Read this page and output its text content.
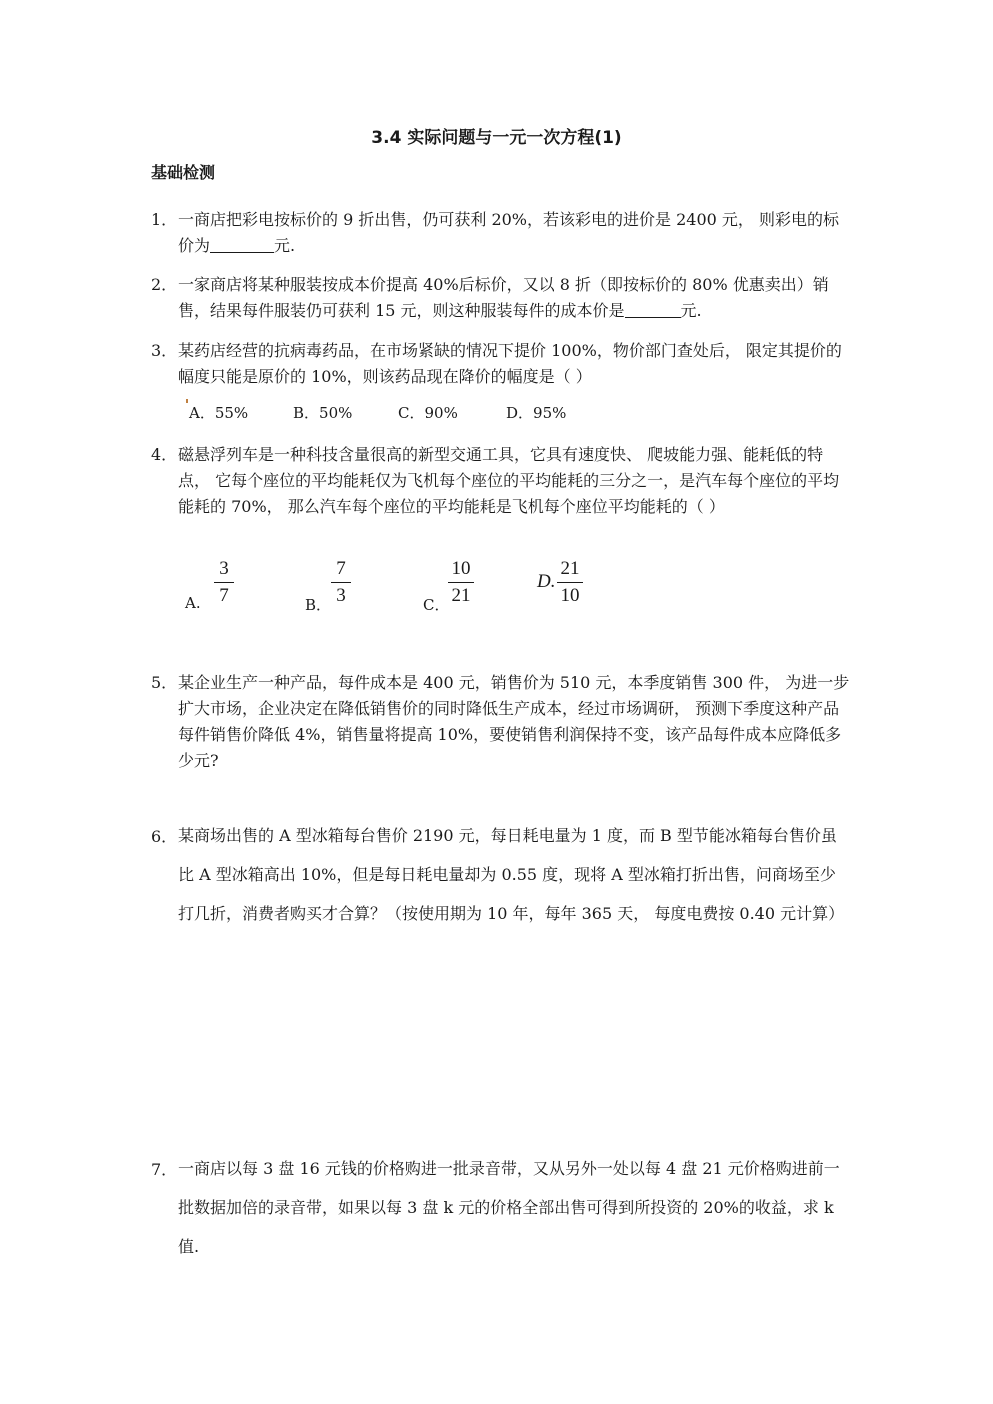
3.4 实际问题与一元一次方程(1)
基础检测
1． 一商店把彩电按标价的 9 折出售，仍可获利 20%，若该彩电的进价是 2400 元， 则彩电的标价为	元.
2． 一家商店将某种服装按成本价提高 40%后标价，又以 8 折（即按标价的 80% 优惠卖出）销售，结果每件服装仍可获利 15 元，则这种服装每件的成本价是	元.
3． 某药店经营的抗病毒药品，在市场紧缺的情况下提价 100%，物价部门查处后， 限定其提价的幅度只能是原价的 10%，则该药品现在降价的幅度是（ ）
A．55%	B．50%	C．90%	D．95%
4． 磁悬浮列车是一种科技含量很高的新型交通工具，它具有速度快、 爬坡能力强、能耗低的特点， 它每个座位的平均能耗仅为飞机每个座位的平均能耗的三分之一，是汽车每个座位的平均能耗的 70%， 那么汽车每个座位的平均能耗是飞机每个座位平均能耗的（ ）
A.
3
7	B．
7
3	C．
10
21
D.
21
10
5． 某企业生产一种产品，每件成本是 400 元，销售价为 510 元，本季度销售 300 件， 为进一步扩大市场，企业决定在降低销售价的同时降低生产成本，经过市场调研， 预测下季度这种产品每件销售价降低 4%，销售量将提高 10%，要使销售利润保持不变，该产品每件成本应降低多少元?
6． 某商场出售的 A 型冰箱每台售价 2190 元，每日耗电量为 1 度，而 B 型节能冰箱每台售价虽比 A 型冰箱高出 10%，但是每日耗电量却为 0.55 度，现将 A 型冰箱打折出售，问商场至少打几折，消费者购买才合算？（按使用期为 10 年，每年 365 天， 每度电费按 0.40 元计算）
7． 一商店以每 3 盘 16 元钱的价格购进一批录音带，又从另外一处以每 4 盘 21 元价格购进前一批数据加倍的录音带，如果以每 3 盘 k 元的价格全部出售可得到所投资的 20%的收益，求 k 值.
